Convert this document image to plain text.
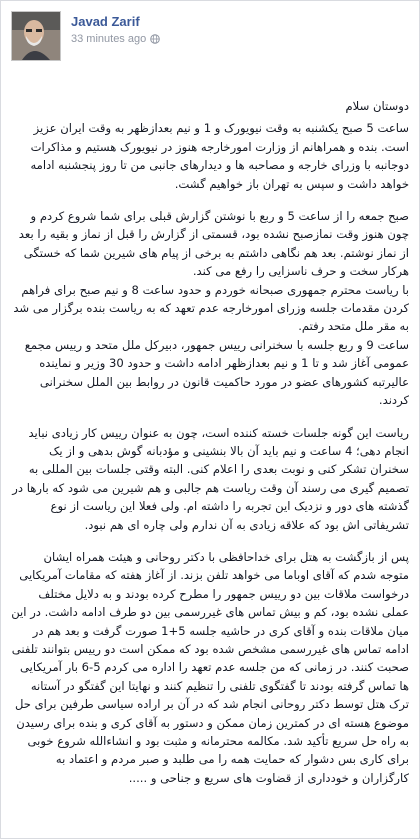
Javad Zarif
33 minutes ago

دوستان سلام

ساعت 5 صبح یکشنبه به وقت نیویورک و 1 و نیم بعدازظهر به وقت ایران عزیز است. بنده و همراهانم از وزارت امورخارجه هنوز در نیویورک هستیم و مذاکرات دوجانبه با وزرای خارجه و مصاحبه ها و دیدارهای جانبی من تا روز پنجشنبه ادامه خواهد داشت و سپس به تهران باز خواهیم گشت.

صبح جمعه را از ساعت 5 و ربع با نوشتن گزارش قبلی برای شما شروع کردم و چون هنوز وقت نمازصبح نشده بود، قسمتی از گزارش را قبل از نماز و بقیه را بعد از نماز نوشتم. بعد هم نگاهی داشتم به برخی از پیام های شیرین شما که خستگی هرکار سخت و حرف ناسزایی را رفع می کند.

با ریاست محترم جمهوری صبحانه خوردم و حدود ساعت 8 و نیم صبح برای فراهم کردن مقدمات جلسه وزرای امورخارجه عدم تعهد که به ریاست بنده برگزار می شد به مقر ملل متحد رفتم.

ساعت 9 و ربع جلسه با سخنرانی رییس جمهور، دبیرکل ملل متحد و رییس مجمع عمومی آغاز شد و تا 1 و نیم بعدازظهر ادامه داشت و حدود 30 وزیر و نماینده عالیرتبه کشورهای عضو در مورد حاکمیت قانون در روابط بین الملل سخنرانی کردند.

ریاست این گونه جلسات خسته کننده است، چون به عنوان رییس کار زیادی نباید انجام دهی؛ 4 ساعت و نیم باید آن بالا بنشینی و مؤدبانه گوش بدهی و از یک سخنران تشکر کنی و نوبت بعدی را اعلام کنی. البته وقتی جلسات بین المللی به تصمیم گیری می رسند آن وقت ریاست هم جالبی و هم شیرین می شود که بارها در گذشته های دور و نزدیک این تجربه را داشته ام. ولی فعلا این ریاست از نوع تشریفاتی اش بود که علاقه زیادی به آن ندارم ولی چاره ای هم نبود.

پس از بازگشت به هتل برای خداحافظی با دکتر روحانی و هیئت همراه ایشان متوجه شدم که آقای اوباما می خواهد تلفن بزند. از آغاز هفته که مقامات آمریکایی درخواست ملاقات بین دو رییس جمهور را مطرح کرده بودند و به دلایل مختلف عملی نشده بود، کم و بیش تماس های غیررسمی بین دو طرف ادامه داشت. در این میان ملاقات بنده و آقای کری در حاشیه جلسه 5+1 صورت گرفت و بعد هم در ادامه تماس های غیررسمی مشخص شده بود که ممکن است دو رییس بتوانند تلفنی صحبت کنند. در زمانی که من جلسه عدم تعهد را اداره می کردم 5-6 بار آمریکایی ها تماس گرفته بودند تا گفتگوی تلفنی را تنظیم کنند و نهایتا این گفتگو در آستانه ترک هتل توسط دکتر روحانی انجام شد که در آن بر اراده سیاسی طرفین برای حل موضوع هسته ای در کمترین زمان ممکن و دستور به آقای کری و بنده برای رسیدن به راه حل سریع تأکید شد. مکالمه محترمانه و مثبت بود و انشاءالله شروع خوبی برای کاری بس دشوار که حمایت همه را می طلبد و صبر مردم و اعتماد به کارگزاران و خودداری از قضاوت های سریع و جناحی و .....
